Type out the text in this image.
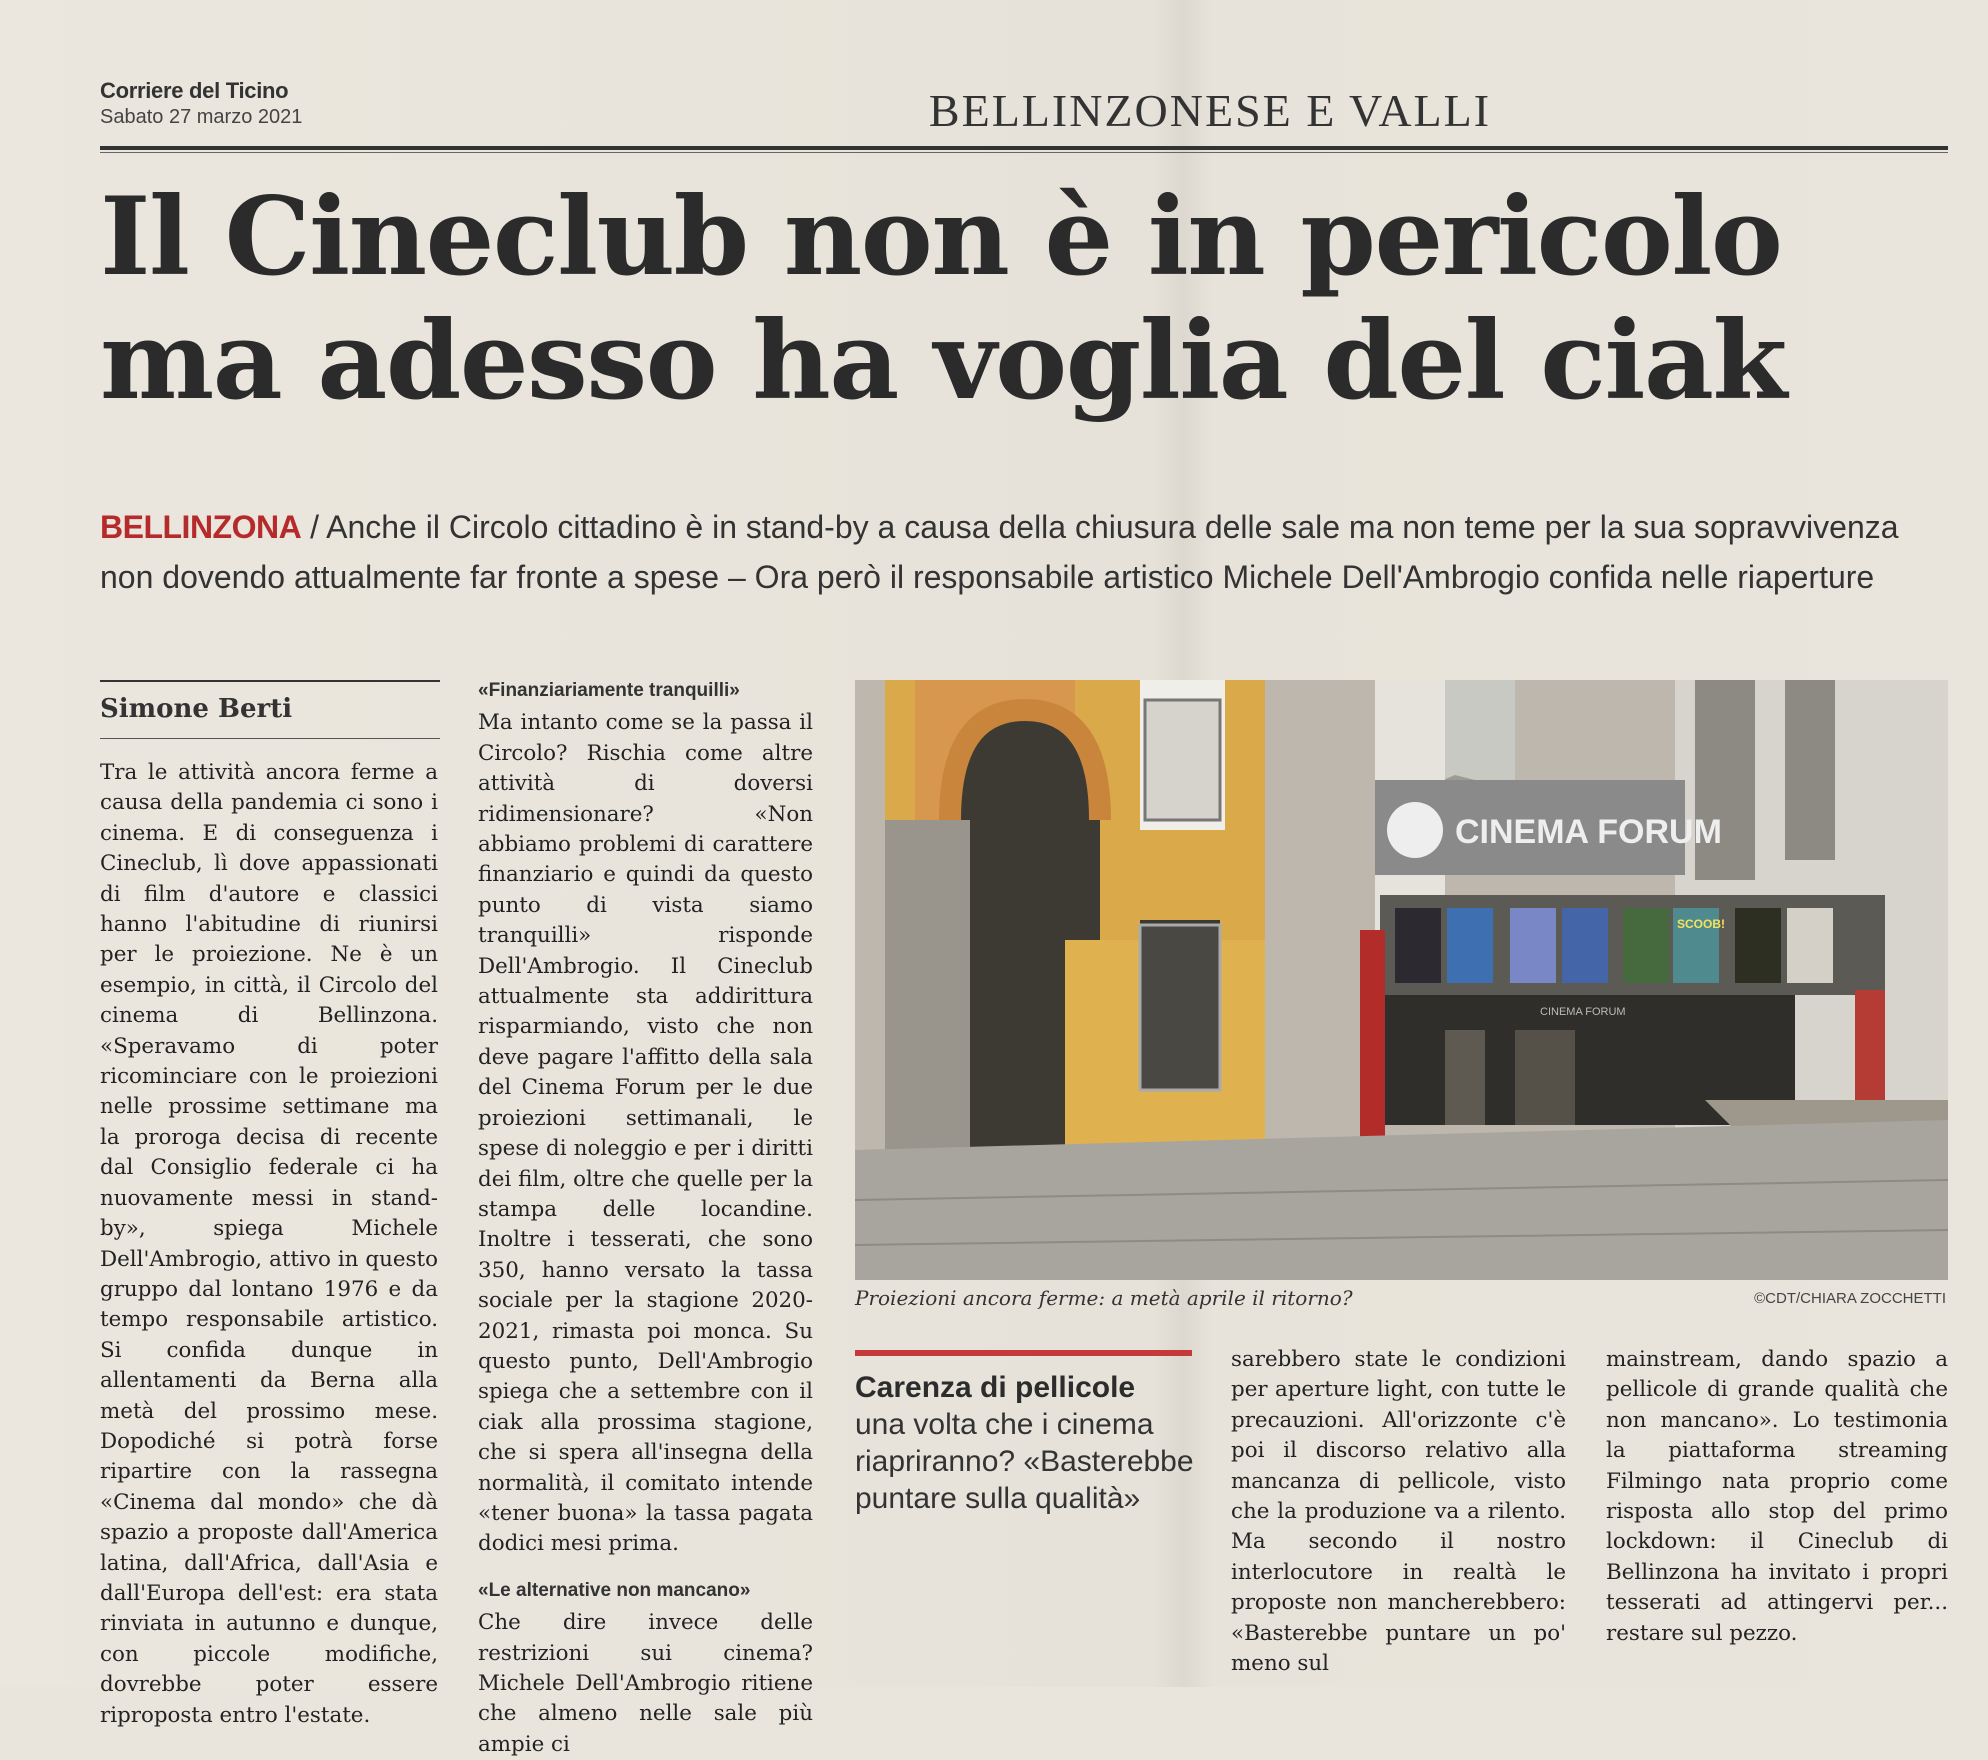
Corriere del Ticino
Sabato 27 marzo 2021	BELLINZONESE E VALLI
Il Cineclub non è in pericolo
ma adesso ha voglia del ciak
BELLINZONA / Anche il Circolo cittadino è in stand-by a causa della chiusura delle sale ma non teme per la sua sopravvivenza non dovendo attualmente far fronte a spese – Ora però il responsabile artistico Michele Dell'Ambrogio confida nelle riaperture
Simone Berti
Tra le attività ancora ferme a causa della pandemia ci sono i cinema. E di conseguenza i Cineclub, lì dove appassionati di film d'autore e classici hanno l'abitudine di riunirsi per le proiezione. Ne è un esempio, in città, il Circolo del cinema di Bellinzona. «Speravamo di poter ricominciare con le proiezioni nelle prossime settimane ma la proroga decisa di recente dal Consiglio federale ci ha nuovamente messi in stand-by», spiega Michele Dell'Ambrogio, attivo in questo gruppo dal lontano 1976 e da tempo responsabile artistico. Si confida dunque in allentamenti da Berna alla metà del prossimo mese. Dopodiché si potrà forse ripartire con la rassegna «Cinema dal mondo» che dà spazio a proposte dall'America latina, dall'Africa, dall'Asia e dall'Europa dell'est: era stata rinviata in autunno e dunque, con piccole modifiche, dovrebbe poter essere riproposta entro l'estate.
«Finanziariamente tranquilli»
Ma intanto come se la passa il Circolo? Rischia come altre attività di doversi ridimensionare? «Non abbiamo problemi di carattere finanziario e quindi da questo punto di vista siamo tranquilli» risponde Dell'Ambrogio. Il Cineclub attualmente sta addirittura risparmiando, visto che non deve pagare l'affitto della sala del Cinema Forum per le due proiezioni settimanali, le spese di noleggio e per i diritti dei film, oltre che quelle per la stampa delle locandine. Inoltre i tesserati, che sono 350, hanno versato la tassa sociale per la stagione 2020-2021, rimasta poi monca. Su questo punto, Dell'Ambrogio spiega che a settembre con il ciak alla prossima stagione, che si spera all'insegna della normalità, il comitato intende «tener buona» la tassa pagata dodici mesi prima.
«Le alternative non mancano»
Che dire invece delle restrizioni sui cinema? Michele Dell'Ambrogio ritiene che almeno nelle sale più ampie ci
CINEMA FORUM
SCOOB!
CINEMA FORUM
Proiezioni ancora ferme: a metà aprile il ritorno?	©CDT/CHIARA ZOCCHETTI
Carenza di pellicole
una volta che i cinema riapriranno? «Basterebbe puntare sulla qualità»
sarebbero state le condizioni per aperture light, con tutte le precauzioni. All'orizzonte c'è poi il discorso relativo alla mancanza di pellicole, visto che la produzione va a rilento. Ma secondo il nostro interlocutore in realtà le proposte non mancherebbero: «Basterebbe puntare un po' meno sul
mainstream, dando spazio a pellicole di grande qualità che non mancano». Lo testimonia la piattaforma streaming Filmingo nata proprio come risposta allo stop del primo lockdown: il Cineclub di Bellinzona ha invitato i propri tesserati ad attingervi per... restare sul pezzo.
